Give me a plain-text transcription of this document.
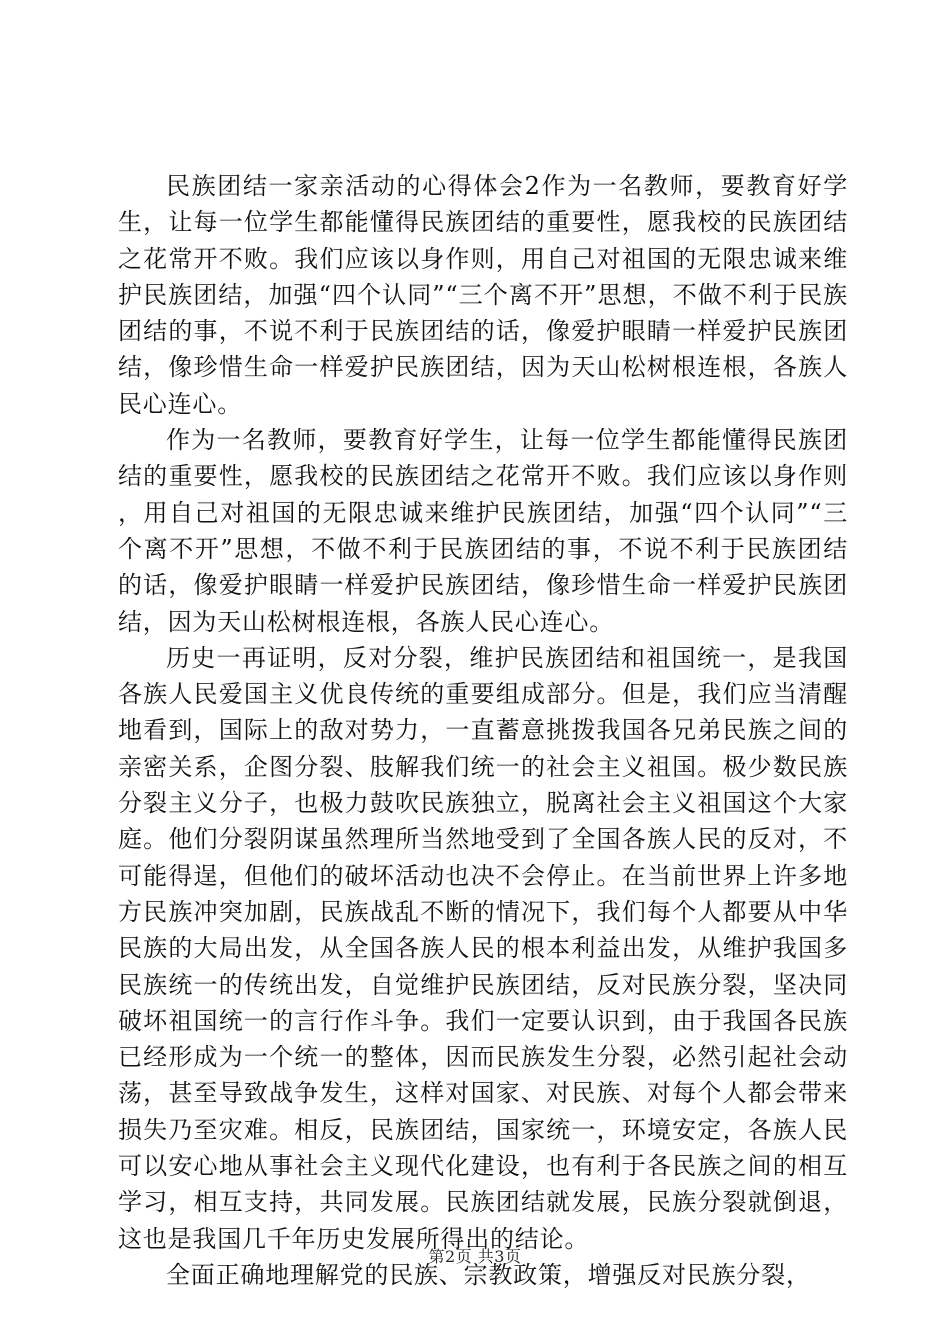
民族团结一家亲活动的心得体会2作为一名教师，要教育好学生，让每一位学生都能懂得民族团结的重要性，愿我校的民族团结之花常开不败。我们应该以身作则，用自己对祖国的无限忠诚来维护民族团结，加强“四个认同”“三个离不开”思想，不做不利于民族团结的事，不说不利于民族团结的话，像爱护眼睛一样爱护民族团结，像珍惜生命一样爱护民族团结，因为天山松树根连根，各族人民心连心。

作为一名教师，要教育好学生，让每一位学生都能懂得民族团结的重要性，愿我校的民族团结之花常开不败。我们应该以身作则，用自己对祖国的无限忠诚来维护民族团结，加强“四个认同”“三个离不开”思想，不做不利于民族团结的事，不说不利于民族团结的话，像爱护眼睛一样爱护民族团结，像珍惜生命一样爱护民族团结，因为天山松树根连根，各族人民心连心。

历史一再证明，反对分裂，维护民族团结和祖国统一，是我国各族人民爱国主义优良传统的重要组成部分。但是，我们应当清醒地看到，国际上的敌对势力，一直蓄意挑拨我国各兄弟民族之间的亲密关系，企图分裂、肢解我们统一的社会主义祖国。极少数民族分裂主义分子，也极力鼓吹民族独立，脱离社会主义祖国这个大家庭。他们分裂阴谋虽然理所当然地受到了全国各族人民的反对，不可能得逞，但他们的破坏活动也决不会停止。在当前世界上许多地方民族冲突加剧，民族战乱不断的情况下，我们每个人都要从中华民族的大局出发，从全国各族人民的根本利益出发，从维护我国多民族统一的传统出发，自觉维护民族团结，反对民族分裂，坚决同破坏祖国统一的言行作斗争。我们一定要认识到，由于我国各民族已经形成为一个统一的整体，因而民族发生分裂，必然引起社会动荡，甚至导致战争发生，这样对国家、对民族、对每个人都会带来损失乃至灾难。相反，民族团结，国家统一，环境安定，各族人民可以安心地从事社会主义现代化建设，也有利于各民族之间的相互学习，相互支持，共同发展。民族团结就发展，民族分裂就倒退，这也是我国几千年历史发展所得出的结论。

全面正确地理解党的民族、宗教政策，增强反对民族分裂，

第2页 共3页
